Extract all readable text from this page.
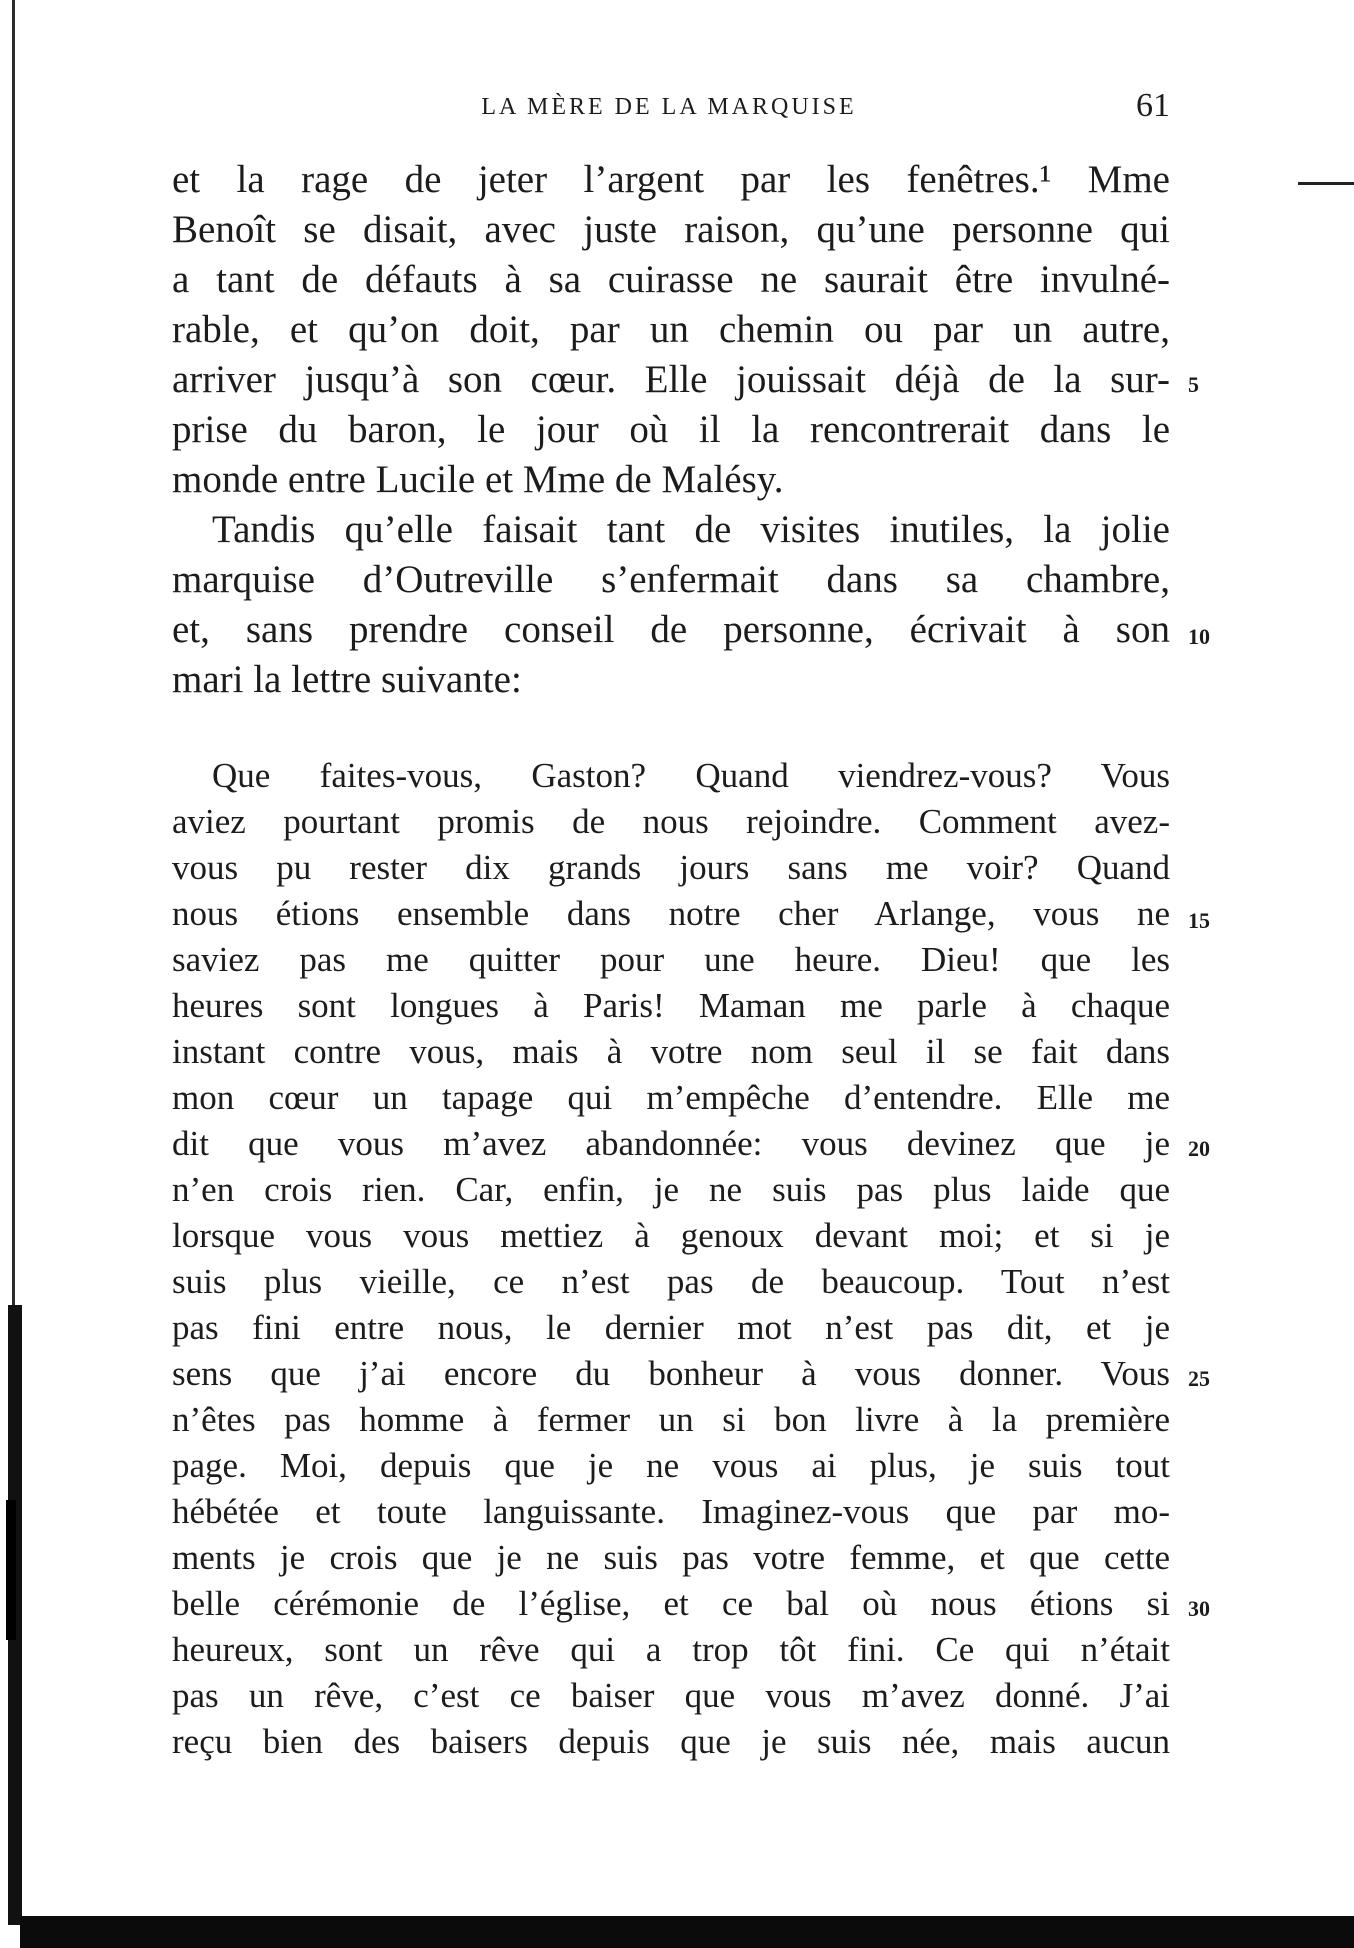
LA MÈRE DE LA MARQUISE	61
et la rage de jeter l’argent par les fenêtres.¹ Mme
Benoît se disait, avec juste raison, qu’une personne qui
a tant de défauts à sa cuirasse ne saurait être invulné-
rable, et qu’on doit, par un chemin ou par un autre,
arriver jusqu’à son cœur. Elle jouissait déjà de la sur-
prise du baron, le jour où il la rencontrerait dans le
monde entre Lucile et Mme de Malésy.
Tandis qu’elle faisait tant de visites inutiles, la jolie
marquise d’Outreville s’enfermait dans sa chambre,
et, sans prendre conseil de personne, écrivait à son
mari la lettre suivante:
Que faites-vous, Gaston? Quand viendrez-vous? Vous
aviez pourtant promis de nous rejoindre. Comment avez-
vous pu rester dix grands jours sans me voir? Quand
nous étions ensemble dans notre cher Arlange, vous ne
saviez pas me quitter pour une heure. Dieu! que les
heures sont longues à Paris! Maman me parle à chaque
instant contre vous, mais à votre nom seul il se fait dans
mon cœur un tapage qui m’empêche d’entendre. Elle me
dit que vous m’avez abandonnée: vous devinez que je
n’en crois rien. Car, enfin, je ne suis pas plus laide que
lorsque vous vous mettiez à genoux devant moi; et si je
suis plus vieille, ce n’est pas de beaucoup. Tout n’est
pas fini entre nous, le dernier mot n’est pas dit, et je
sens que j’ai encore du bonheur à vous donner. Vous
n’êtes pas homme à fermer un si bon livre à la première
page. Moi, depuis que je ne vous ai plus, je suis tout
hébétée et toute languissante. Imaginez-vous que par mo-
ments je crois que je ne suis pas votre femme, et que cette
belle cérémonie de l’église, et ce bal où nous étions si
heureux, sont un rêve qui a trop tôt fini. Ce qui n’était
pas un rêve, c’est ce baiser que vous m’avez donné. J’ai
reçu bien des baisers depuis que je suis née, mais aucun
5
10
15
20
25
30
